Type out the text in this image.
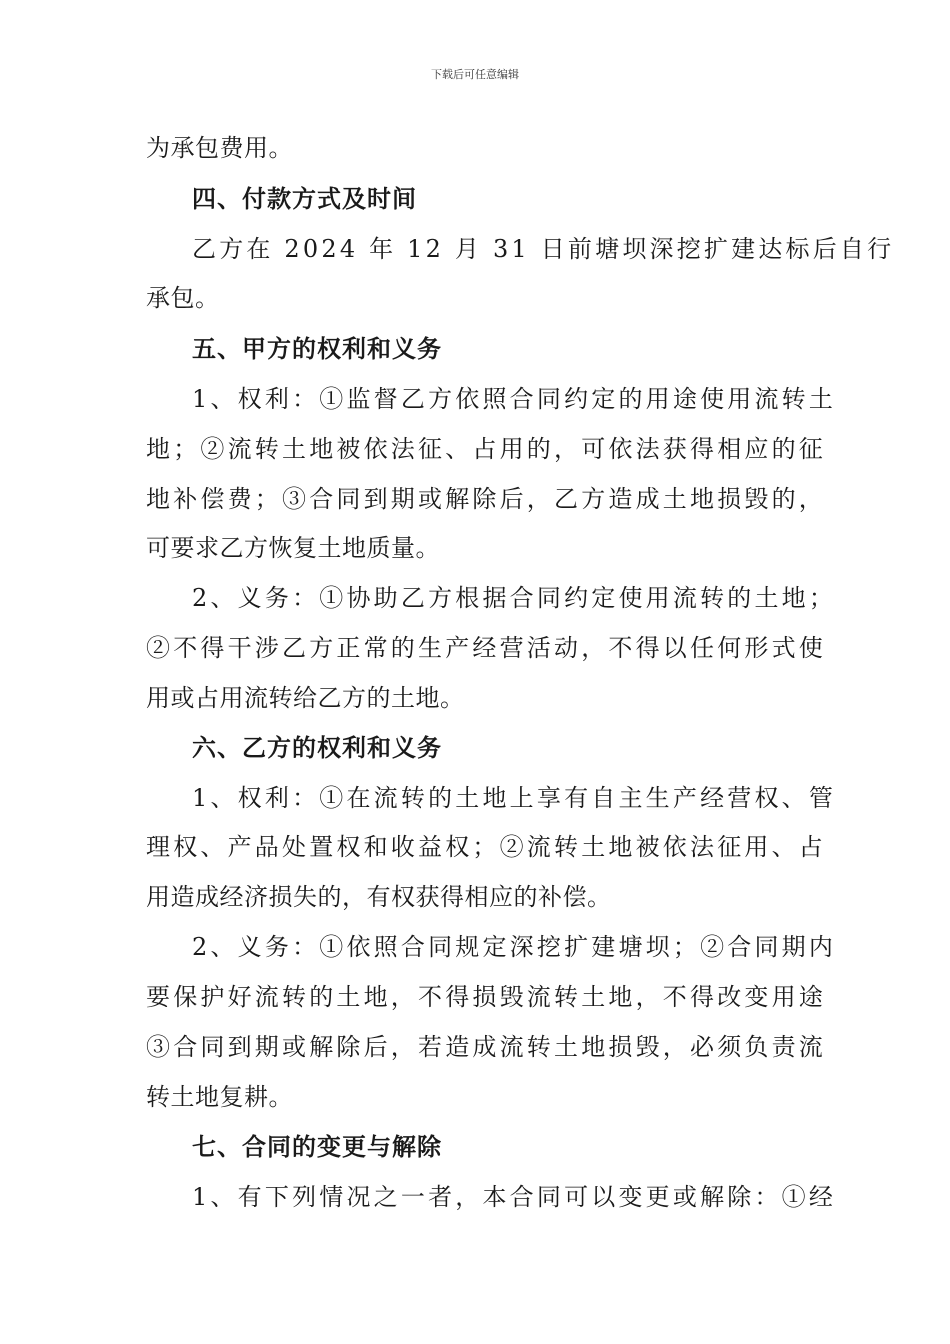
下载后可任意编辑
为承包费用。
四、付款方式及时间
乙方在 2024 年 12 月 31 日前塘坝深挖扩建达标后自行
承包。
五、甲方的权利和义务
1、权利：①监督乙方依照合同约定的用途使用流转土
地；②流转土地被依法征、占用的，可依法获得相应的征
地补偿费；③合同到期或解除后，乙方造成土地损毁的，
可要求乙方恢复土地质量。
2、义务：①协助乙方根据合同约定使用流转的土地；
②不得干涉乙方正常的生产经营活动，不得以任何形式使
用或占用流转给乙方的土地。
六、乙方的权利和义务
1、权利：①在流转的土地上享有自主生产经营权、管
理权、产品处置权和收益权；②流转土地被依法征用、占
用造成经济损失的，有权获得相应的补偿。
2、义务：①依照合同规定深挖扩建塘坝；②合同期内
要保护好流转的土地，不得损毁流转土地，不得改变用途
③合同到期或解除后，若造成流转土地损毁，必须负责流
转土地复耕。
七、合同的变更与解除
1、有下列情况之一者，本合同可以变更或解除：①经
